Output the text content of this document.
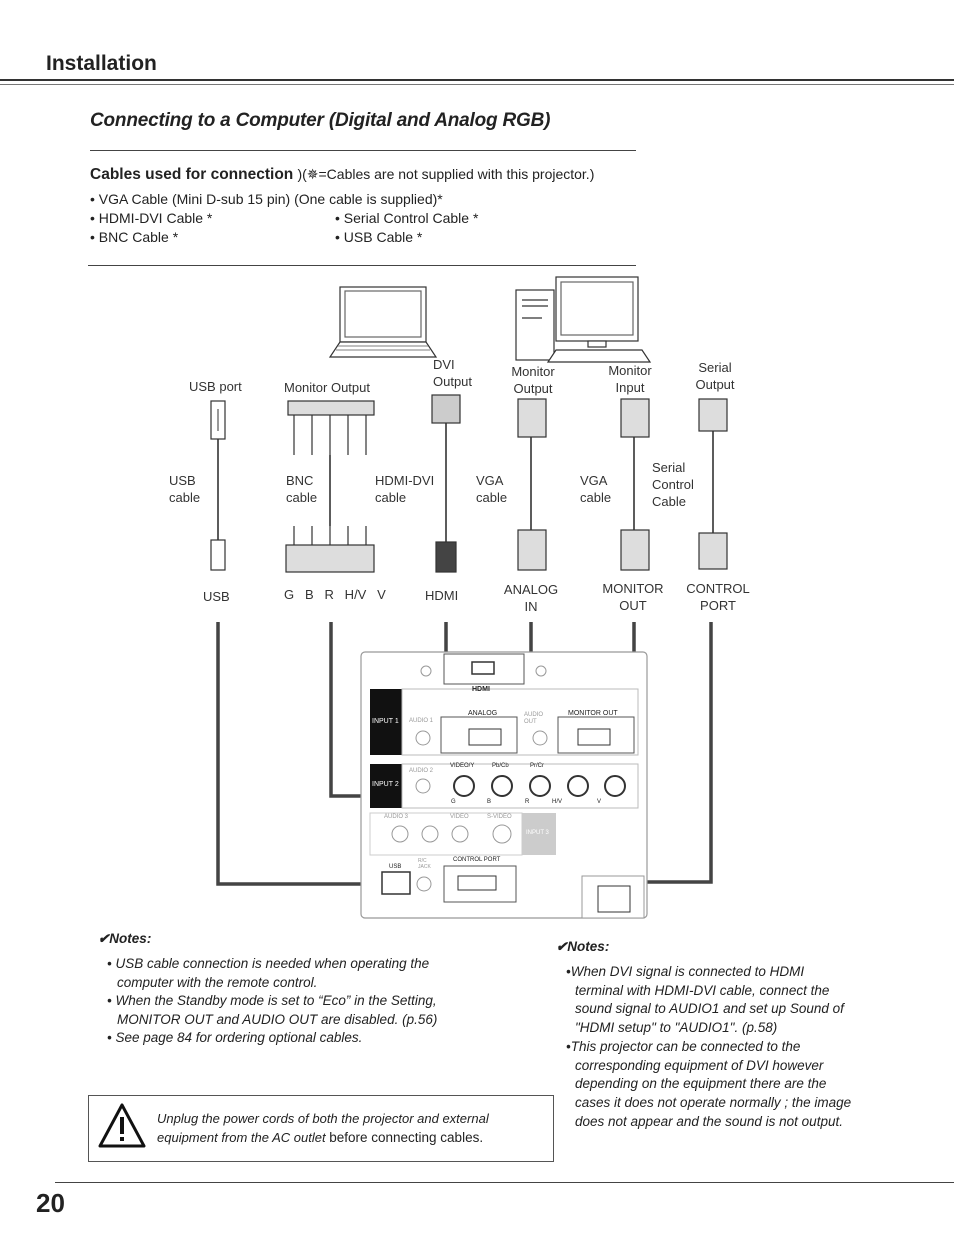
Installation
Connecting to a Computer (Digital and Analog RGB)
Cables used for connection )(✵=Cables are not supplied with this projector.)
• VGA Cable (Mini D-sub 15 pin) (One cable is supplied)*
• HDMI-DVI Cable *	• Serial Control Cable *
• BNC Cable *	• USB Cable *
HDMI
INPUT 1 AUDIO 1
ANALOG	AUDIO OUT
MONITOR OUT
INPUT 2
AUDIO 2
VIDEO/Y	Pb/Cb	Pr/Cr
G	B	R	H/V	V
AUDIO 3	VIDEO	S-VIDEO
INPUT 3
USB
R/C JACK
CONTROL PORT
USB port	Monitor Output
DVI
Output
Monitor
Output
Monitor
Input
Serial
Output
USB
cable
BNC
cable
HDMI-DVI
cable
VGA
cable
VGA
cable
Serial
Control
Cable
USB	G   B   R   H/V   V	HDMI	ANALOG
IN
MONITOR
OUT
CONTROL
PORT
✔Notes:
• USB cable connection is needed when operating the
computer with the remote control.
• When the Standby mode is set to “Eco” in the Setting,
MONITOR OUT and AUDIO OUT are disabled. (p.56)
• See page 84 for ordering optional cables.
✔Notes:
•When DVI signal is connected to HDMI
terminal with HDMI-DVI cable, connect the
sound signal to AUDIO1 and set up Sound of
"HDMI setup" to "AUDIO1". (p.58)
•This projector can be connected to the
corresponding equipment of DVI however
depending on the equipment there are the
cases it does not operate normally ; the image
does not appear and the sound is not output.
Unplug the power cords of both the projector and external
equipment from the AC outlet before connecting cables.
20
